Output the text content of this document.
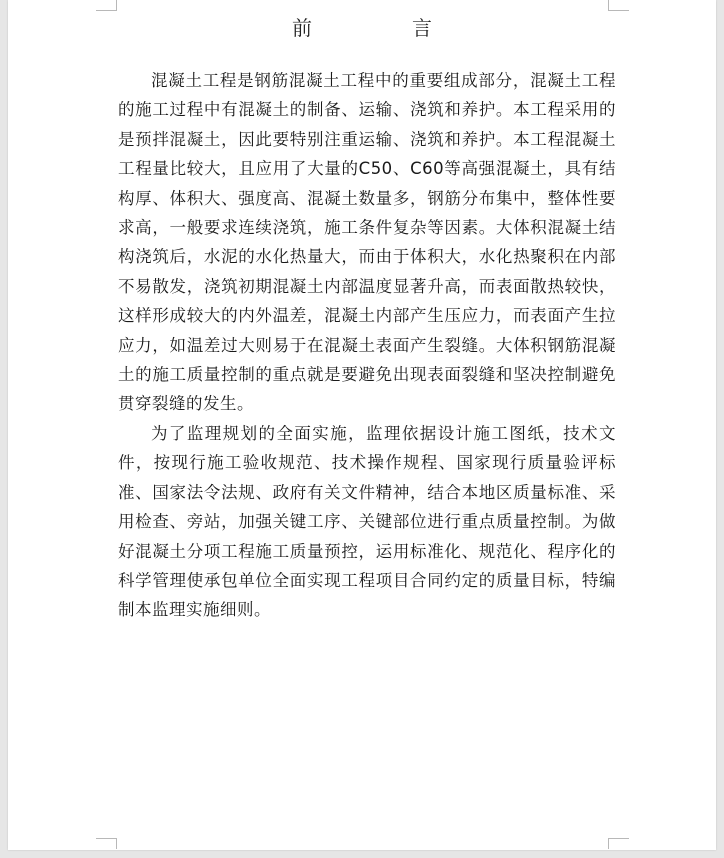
前　言

混凝土工程是钢筋混凝土工程中的重要组成部分，混凝土工程的施工过程中有混凝土的制备、运输、浇筑和养护。本工程采用的是预拌混凝土，因此要特别注重运输、浇筑和养护。本工程混凝土工程量比较大，且应用了大量的C50、C60等高强混凝土，具有结构厚、体积大、强度高、混凝土数量多，钢筋分布集中，整体性要求高，一般要求连续浇筑，施工条件复杂等因素。大体积混凝土结构浇筑后，水泥的水化热量大，而由于体积大，水化热聚积在内部不易散发，浇筑初期混凝土内部温度显著升高，而表面散热较快，这样形成较大的内外温差，混凝土内部产生压应力，而表面产生拉应力，如温差过大则易于在混凝土表面产生裂缝。大体积钢筋混凝土的施工质量控制的重点就是要避免出现表面裂缝和坚决控制避免贯穿裂缝的发生。

为了监理规划的全面实施，监理依据设计施工图纸，技术文件，按现行施工验收规范、技术操作规程、国家现行质量验评标准、国家法令法规、政府有关文件精神，结合本地区质量标准、采用检查、旁站，加强关键工序、关键部位进行重点质量控制。为做好混凝土分项工程施工质量预控，运用标准化、规范化、程序化的科学管理使承包单位全面实现工程项目合同约定的质量目标，特编制本监理实施细则。
